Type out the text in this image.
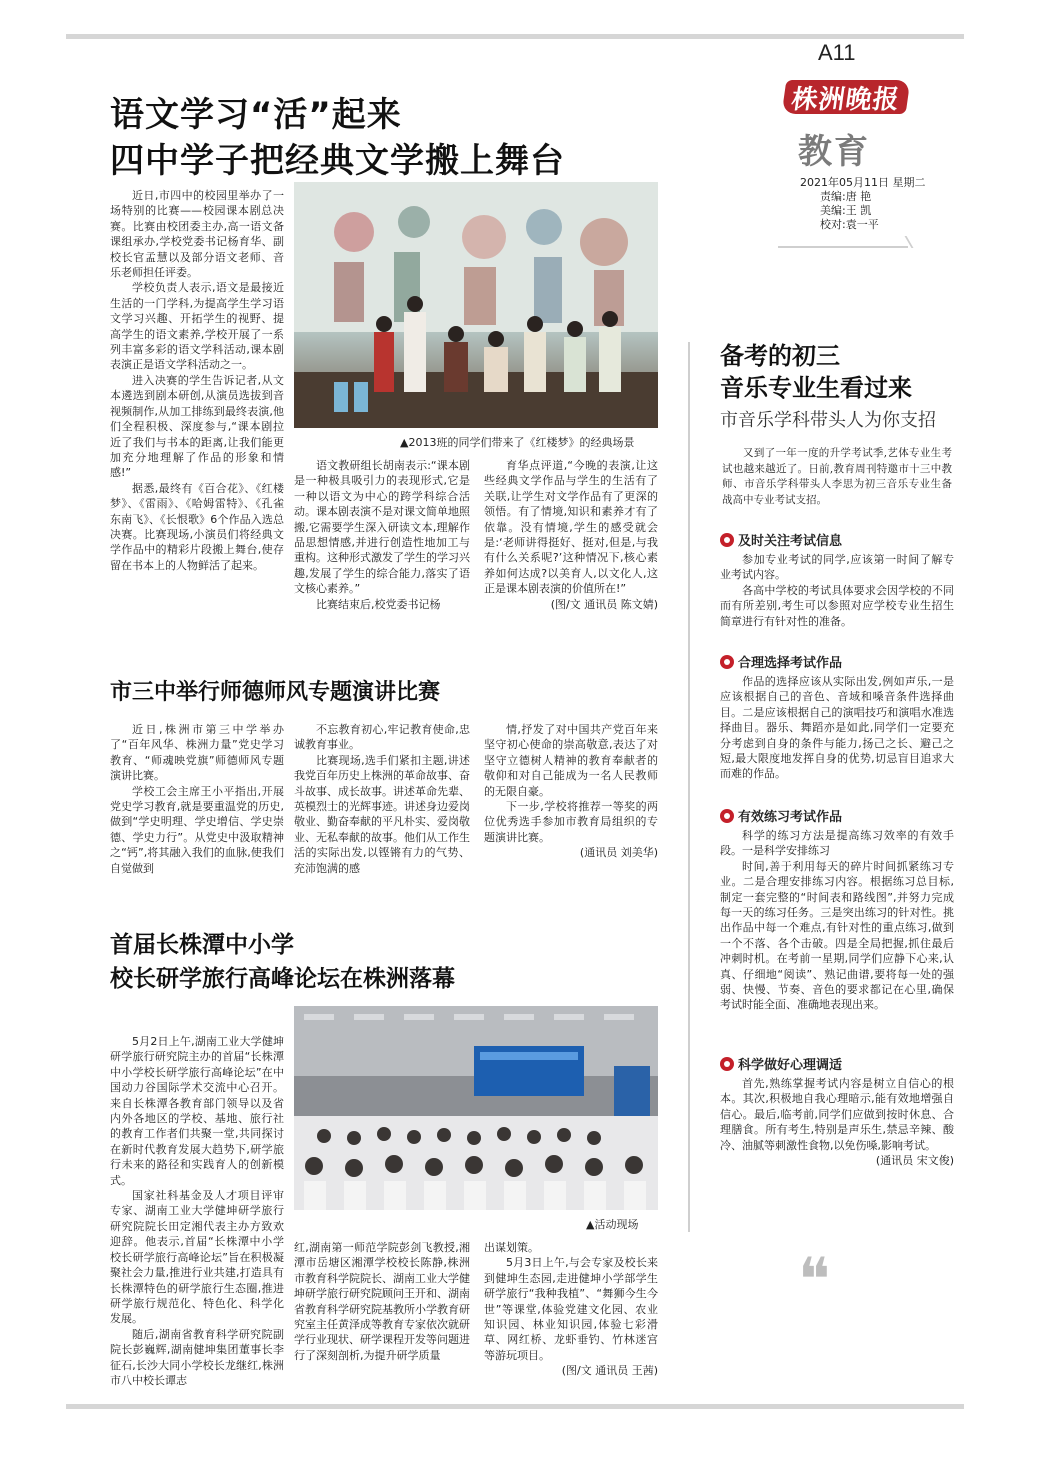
A11
株洲晚报
教育
2021年05月11日 星期二
责编:唐 艳
美编:王 凯
校对:袁一平
语文学习“活”起来
四中学子把经典文学搬上舞台

近日,市四中的校园里举办了一场特别的比赛——校园课本剧总决赛。比赛由校团委主办,高一语文备课组承办,学校党委书记杨育华、副校长官孟慧以及部分语文老师、音乐老师担任评委。

学校负责人表示,语文是最接近生活的一门学科,为提高学生学习语文学习兴趣、开拓学生的视野、提高学生的语文素养,学校开展了一系列丰富多彩的语文学科活动,课本剧表演正是语文学科活动之一。

进入决赛的学生告诉记者,从文本遴选到剧本研创,从演员选拔到音视频制作,从加工排练到最终表演,他们全程积极、深度参与,“课本剧拉近了我们与书本的距离,让我们能更加充分地理解了作品的形象和情感!”

据悉,最终有《百合花》、《红楼梦》、《雷雨》、《哈姆雷特》、《孔雀东南飞》、《长恨歌》6个作品入选总决赛。比赛现场,小演员们将经典文学作品中的精彩片段搬上舞台,使存留在书本上的人物鲜活了起来。

▲2013班的同学们带来了《红楼梦》的经典场景

语文教研组长胡南表示:“课本剧是一种极具吸引力的表现形式,它是一种以语文为中心的跨学科综合活动。课本剧表演不是对课文简单地照搬,它需要学生深入研读文本,理解作品思想情感,并进行创造性地加工与重构。这种形式激发了学生的学习兴趣,发展了学生的综合能力,落实了语文核心素养。”

比赛结束后,校党委书记杨

育华点评道,“今晚的表演,让这些经典文学作品与学生的生活有了关联,让学生对文学作品有了更深的领悟。有了情境,知识和素养才有了依靠。没有情境,学生的感受就会是:‘老师讲得挺好、挺对,但是,与我有什么关系呢?’这种情况下,核心素养如何达成?以美育人,以文化人,这正是课本剧表演的价值所在!”

(图/文 通讯员 陈文婧)

市三中举行师德师风专题演讲比赛

近日,株洲市第三中学举办了“百年风华、株洲力量”党史学习教育、“师魂映党旗”师德师风专题演讲比赛。

学校工会主席王小平指出,开展党史学习教育,就是要重温党的历史,做到“学史明理、学史增信、学史崇德、学史力行”。从党史中汲取精神之“钙”,将其融入我们的血脉,使我们自觉做到

不忘教育初心,牢记教育使命,忠诚教育事业。

比赛现场,选手们紧扣主题,讲述我党百年历史上株洲的革命故事、奋斗故事、成长故事。讲述革命先辈、英模烈士的光辉事迹。讲述身边爱岗敬业、勤奋奉献的平凡朴实、爱岗敬业、无私奉献的故事。他们从工作生活的实际出发,以铿锵有力的气势、充沛饱满的感

情,抒发了对中国共产党百年来坚守初心使命的崇高敬意,表达了对坚守立德树人精神的教育奉献者的敬仰和对自己能成为一名人民教师的无限自豪。

下一步,学校将推荐一等奖的两位优秀选手参加市教育局组织的专题演讲比赛。

(通讯员 刘美华)

首届长株潭中小学
校长研学旅行高峰论坛在株洲落幕

5月2日上午,湖南工业大学健坤研学旅行研究院主办的首届“长株潭中小学校长研学旅行高峰论坛”在中国动力谷国际学术交流中心召开。来自长株潭各教育部门领导以及省内外各地区的学校、基地、旅行社的教育工作者们共聚一堂,共同探讨在新时代教育发展大趋势下,研学旅行未来的路径和实践育人的创新模式。

国家社科基金及人才项目评审专家、湖南工业大学健坤研学旅行研究院院长田定湘代表主办方致欢迎辞。他表示,首届“长株潭中小学校长研学旅行高峰论坛”旨在积极凝聚社会力量,推进行业共建,打造具有长株潭特色的研学旅行生态圈,推进研学旅行规范化、特色化、科学化发展。

随后,湖南省教育科学研究院副院长彭巍辉,湖南健坤集团董事长李征石,长沙大同小学校长龙继红,株洲市八中校长谭志

▲活动现场

红,湖南第一师范学院彭剑飞教授,湘潭市岳塘区湘潭学校校长陈静,株洲市教育科学院院长、湖南工业大学健坤研学旅行研究院顾问王开和、湖南省教育科学研究院基教所小学教育研究室主任黄泽成等教育专家依次就研学行业现状、研学课程开发等问题进行了深刻剖析,为提升研学质量

出谋划策。

5月3日上午,与会专家及校长来到健坤生态园,走进健坤小学部学生研学旅行“我种我植”、“舞狮今生今世”等课堂,体验党建文化园、农业知识园、林业知识园,体验七彩滑草、网红桥、龙虾垂钓、竹林迷宫等游玩项目。

(图/文 通讯员 王茜)

备考的初三
音乐专业生看过来
市音乐学科带头人为你支招
又到了一年一度的升学考试季,艺体专业生考试也越来越近了。日前,教育周刊特邀市十三中教师、市音乐学科带头人李思为初三音乐专业生备战高中专业考试支招。
及时关注考试信息

参加专业考试的同学,应该第一时间了解专业考试内容。

各高中学校的考试具体要求会因学校的不同而有所差别,考生可以参照对应学校专业生招生简章进行有针对性的准备。

合理选择考试作品

作品的选择应该从实际出发,例如声乐,一是应该根据自己的音色、音域和嗓音条件选择曲目。二是应该根据自己的演唱技巧和演唱水准选择曲目。器乐、舞蹈亦是如此,同学们一定要充分考虑到自身的条件与能力,扬己之长、避己之短,最大限度地发挥自身的优势,切忌盲目追求大而难的作品。

有效练习考试作品

科学的练习方法是提高练习效率的有效手段。一是科学安排练习

时间,善于利用每天的碎片时间抓紧练习专业。二是合理安排练习内容。根据练习总目标,制定一套完整的“时间表和路线图”,并努力完成每一天的练习任务。三是突出练习的针对性。挑出作品中每一个难点,有针对性的重点练习,做到一个不落、各个击破。四是全局把握,抓住最后冲刺时机。在考前一星期,同学们应静下心来,认真、仔细地“阅读”、熟记曲谱,要将每一处的强弱、快慢、节奏、音色的要求都记在心里,确保考试时能全面、准确地表现出来。

科学做好心理调适

首先,熟练掌握考试内容是树立自信心的根本。其次,积极地自我心理暗示,能有效地增强自信心。最后,临考前,同学们应做到按时休息、合理膳食。所有考生,特别是声乐生,禁忌辛辣、酸冷、油腻等刺激性食物,以免伤嗓,影响考试。

(通讯员 宋文俊)

❝
